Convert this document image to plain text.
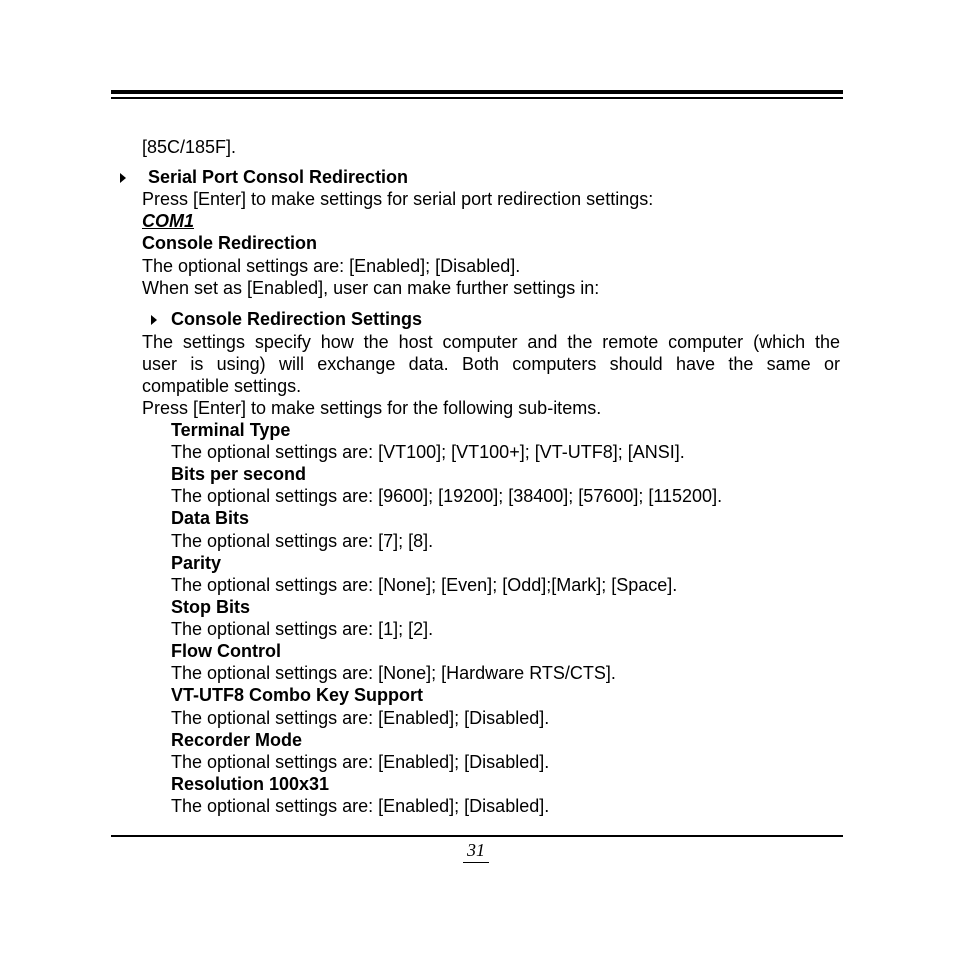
[85C/185F].
Serial Port Consol Redirection
Press [Enter] to make settings for serial port redirection settings:
COM1
Console Redirection
The optional settings are: [Enabled]; [Disabled].
When set as [Enabled], user can make further settings in:
Console Redirection Settings
The settings specify how the host computer and the remote computer (which the
user is using) will exchange data. Both computers should have the same or
compatible settings.
Press [Enter] to make settings for the following sub-items.
Terminal Type
The optional settings are: [VT100]; [VT100+]; [VT-UTF8]; [ANSI].
Bits per second
The optional settings are: [9600]; [19200]; [38400]; [57600]; [115200].
Data Bits
The optional settings are: [7]; [8].
Parity
The optional settings are: [None]; [Even]; [Odd];[Mark]; [Space].
Stop Bits
The optional settings are: [1]; [2].
Flow Control
The optional settings are: [None]; [Hardware RTS/CTS].
VT-UTF8 Combo Key Support
The optional settings are: [Enabled]; [Disabled].
Recorder Mode
The optional settings are: [Enabled]; [Disabled].
Resolution 100x31
The optional settings are: [Enabled]; [Disabled].
31
